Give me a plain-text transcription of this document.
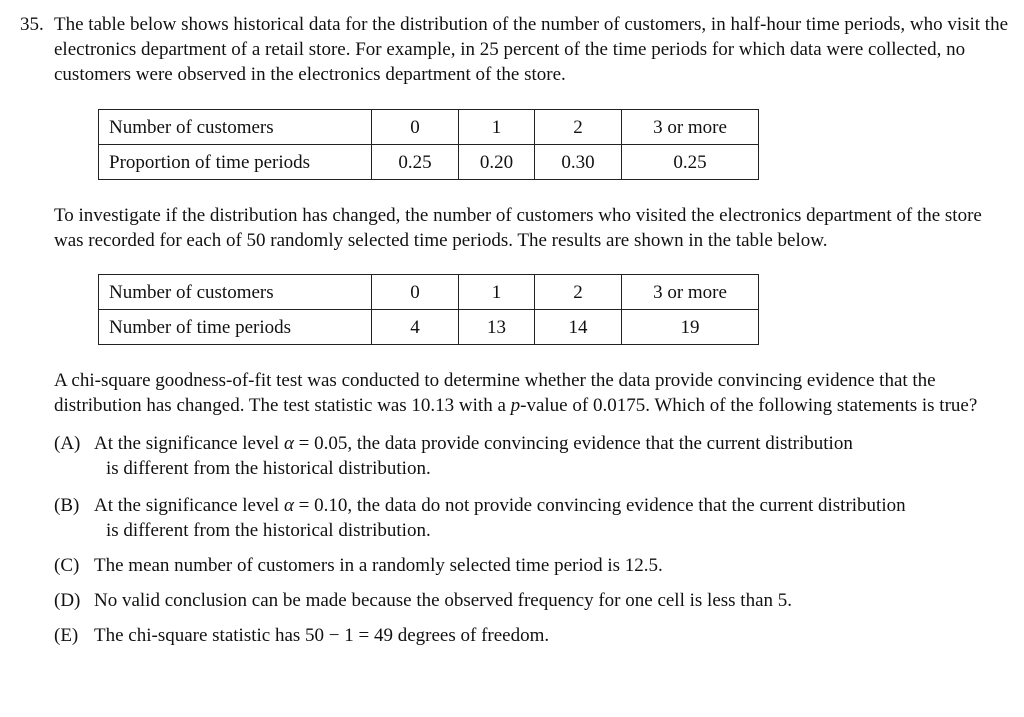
35. The table below shows historical data for the distribution of the number of customers, in half-hour time periods, who visit the electronics department of a retail store. For example, in 25 percent of the time periods for which data were collected, no customers were observed in the electronics department of the store.
Number of customers	0	1	2	3 or more
Proportion of time periods	0.25	0.20	0.30	0.25
To investigate if the distribution has changed, the number of customers who visited the electronics department of the store was recorded for each of 50 randomly selected time periods. The results are shown in the table below.
Number of customers	0	1	2	3 or more
Number of time periods	4	13	14	19
A chi-square goodness-of-fit test was conducted to determine whether the data provide convincing evidence that the distribution has changed. The test statistic was 10.13 with a p-value of 0.0175. Which of the following statements is true?
(A) At the significance level α = 0.05, the data provide convincing evidence that the current distribution
is different from the historical distribution.
(B) At the significance level α = 0.10, the data do not provide convincing evidence that the current distribution
is different from the historical distribution.
(C) The mean number of customers in a randomly selected time period is 12.5.
(D) No valid conclusion can be made because the observed frequency for one cell is less than 5.
(E) The chi-square statistic has 50 − 1 = 49 degrees of freedom.
